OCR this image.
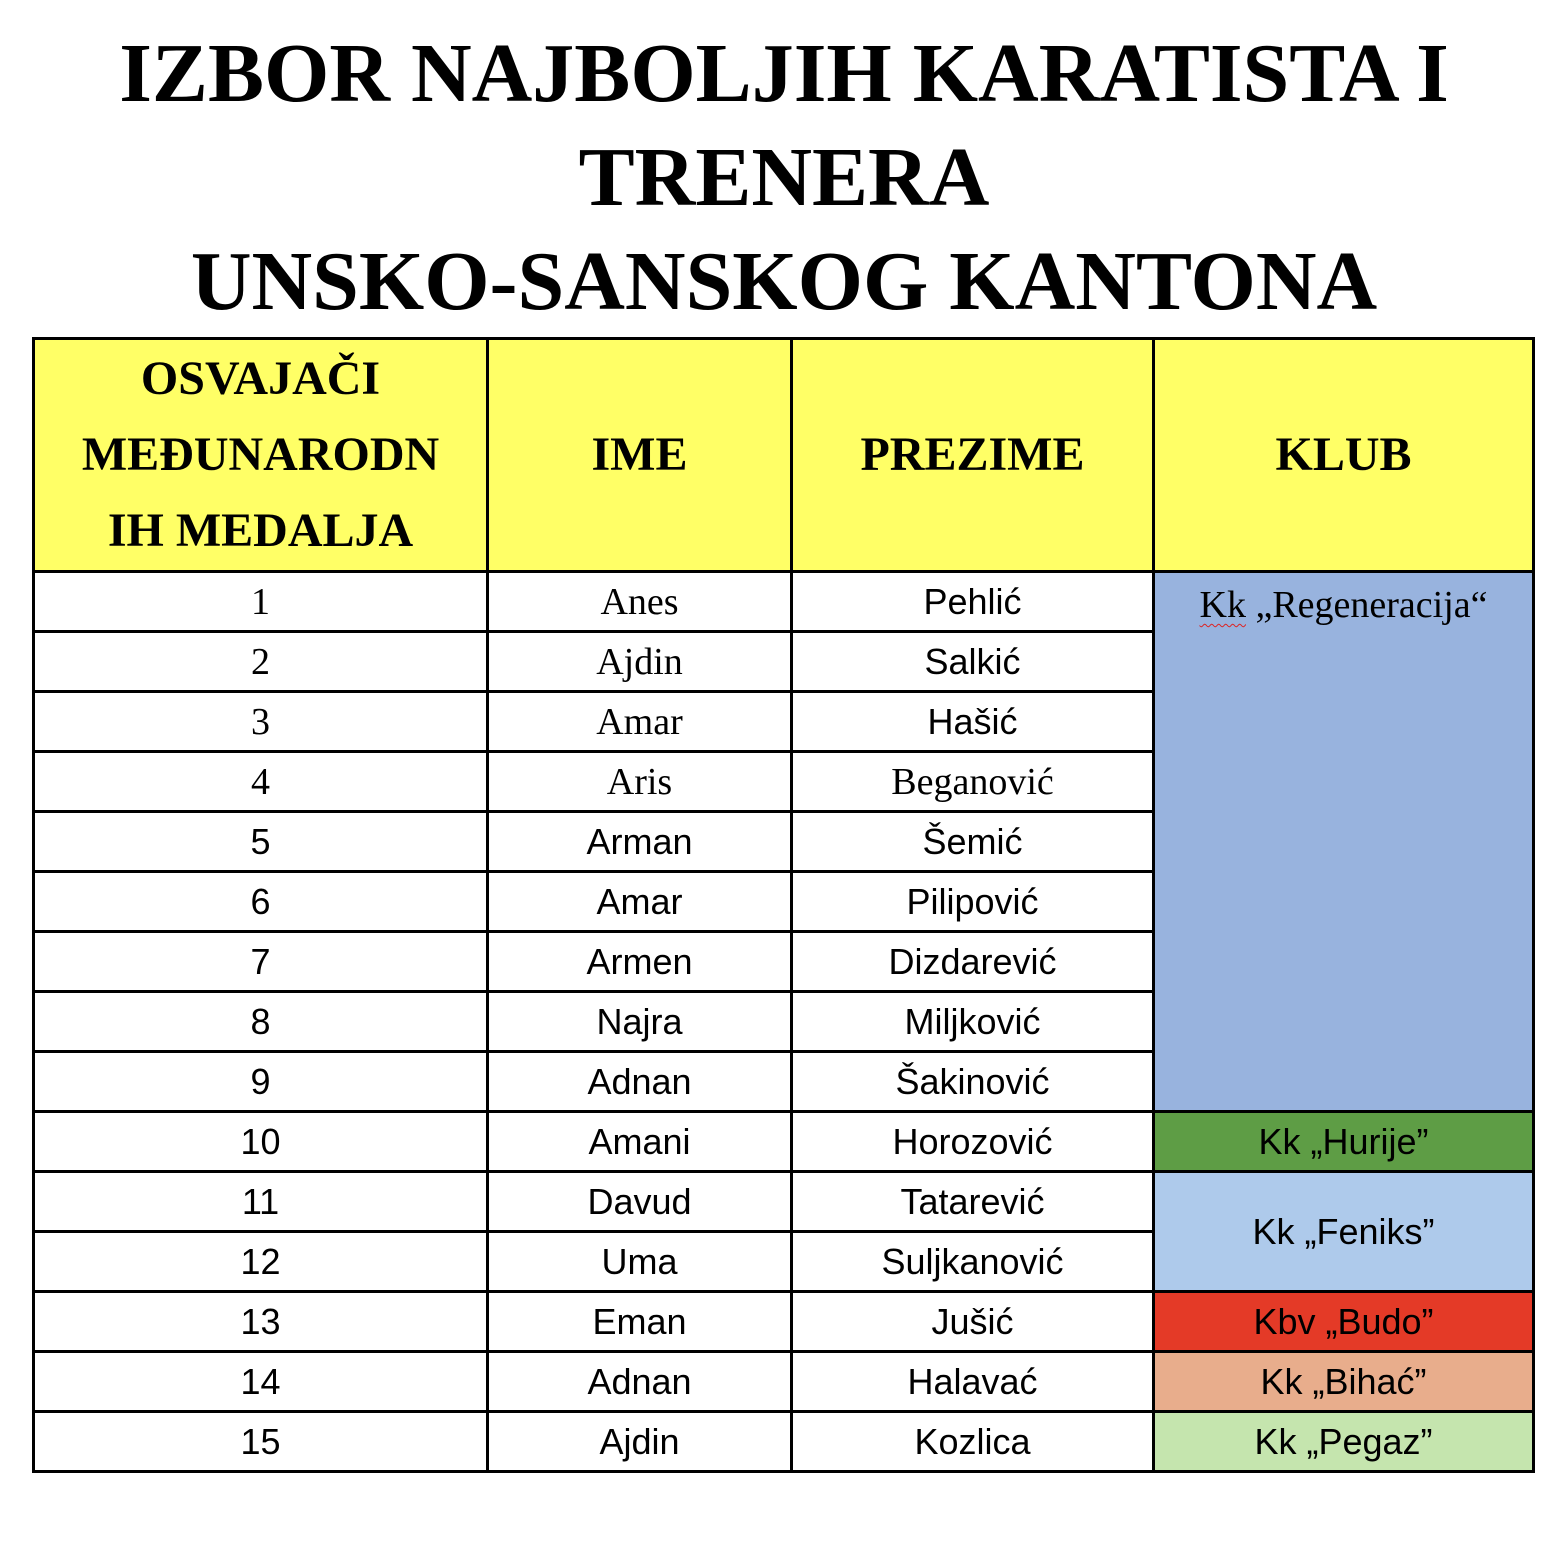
IZBOR NAJBOLJIH KARATISTA I
TRENERA
UNSKO-SANSKOG KANTONA
OSVAJAČI
MEĐUNARODN
IH MEDALJA	IME	PREZIME	KLUB
1	Anes	Pehlić	Kk „Regeneracija“
2	Ajdin	Salkić	
3	Amar	Hašić	
4	Aris	Beganović	
5	Arman	Šemić	
6	Amar	Pilipović	
7	Armen	Dizdarević	
8	Najra	Miljković	
9	Adnan	Šakinović	
10	Amani	Horozović	Kk „Hurije”
11	Davud	Tatarević	Kk „Feniks”
12	Uma	Suljkanović	
13	Eman	Jušić	Kbv „Budo”
14	Adnan	Halavać	Kk „Bihać”
15	Ajdin	Kozlica	Kk „Pegaz”
